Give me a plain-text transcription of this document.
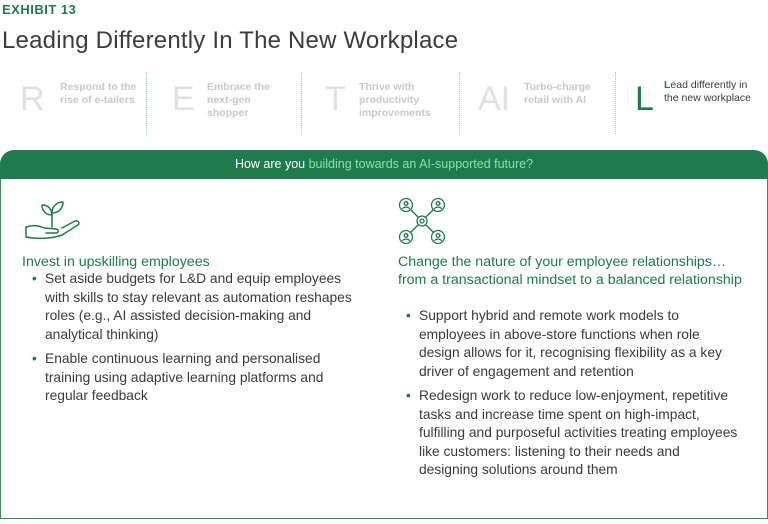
EXHIBIT 13
Leading Differently In The New Workplace
R Respond to the rise of e-tailers E Embrace the next-gen shopper	T Thrive with productivity improvements	AI Turbo-charge retail with AI	L Lead differently in the new workplace
How are you building towards an AI-supported future?
Invest in upskilling employees
• Set aside budgets for L&D and equip employees with skills to stay relevant as automation reshapes roles (e.g., AI assisted decision-making and analytical thinking)
• Enable continuous learning and personalised training using adaptive learning platforms and regular feedback
Change the nature of your employee relationships… from a transactional mindset to a balanced relationship
• Support hybrid and remote work models to employees in above-store functions when role design allows for it, recognising flexibility as a key driver of engagement and retention
• Redesign work to reduce low-enjoyment, repetitive tasks and increase time spent on high-impact, fulfilling and purposeful activities treating employees like customers: listening to their needs and designing solutions around them
